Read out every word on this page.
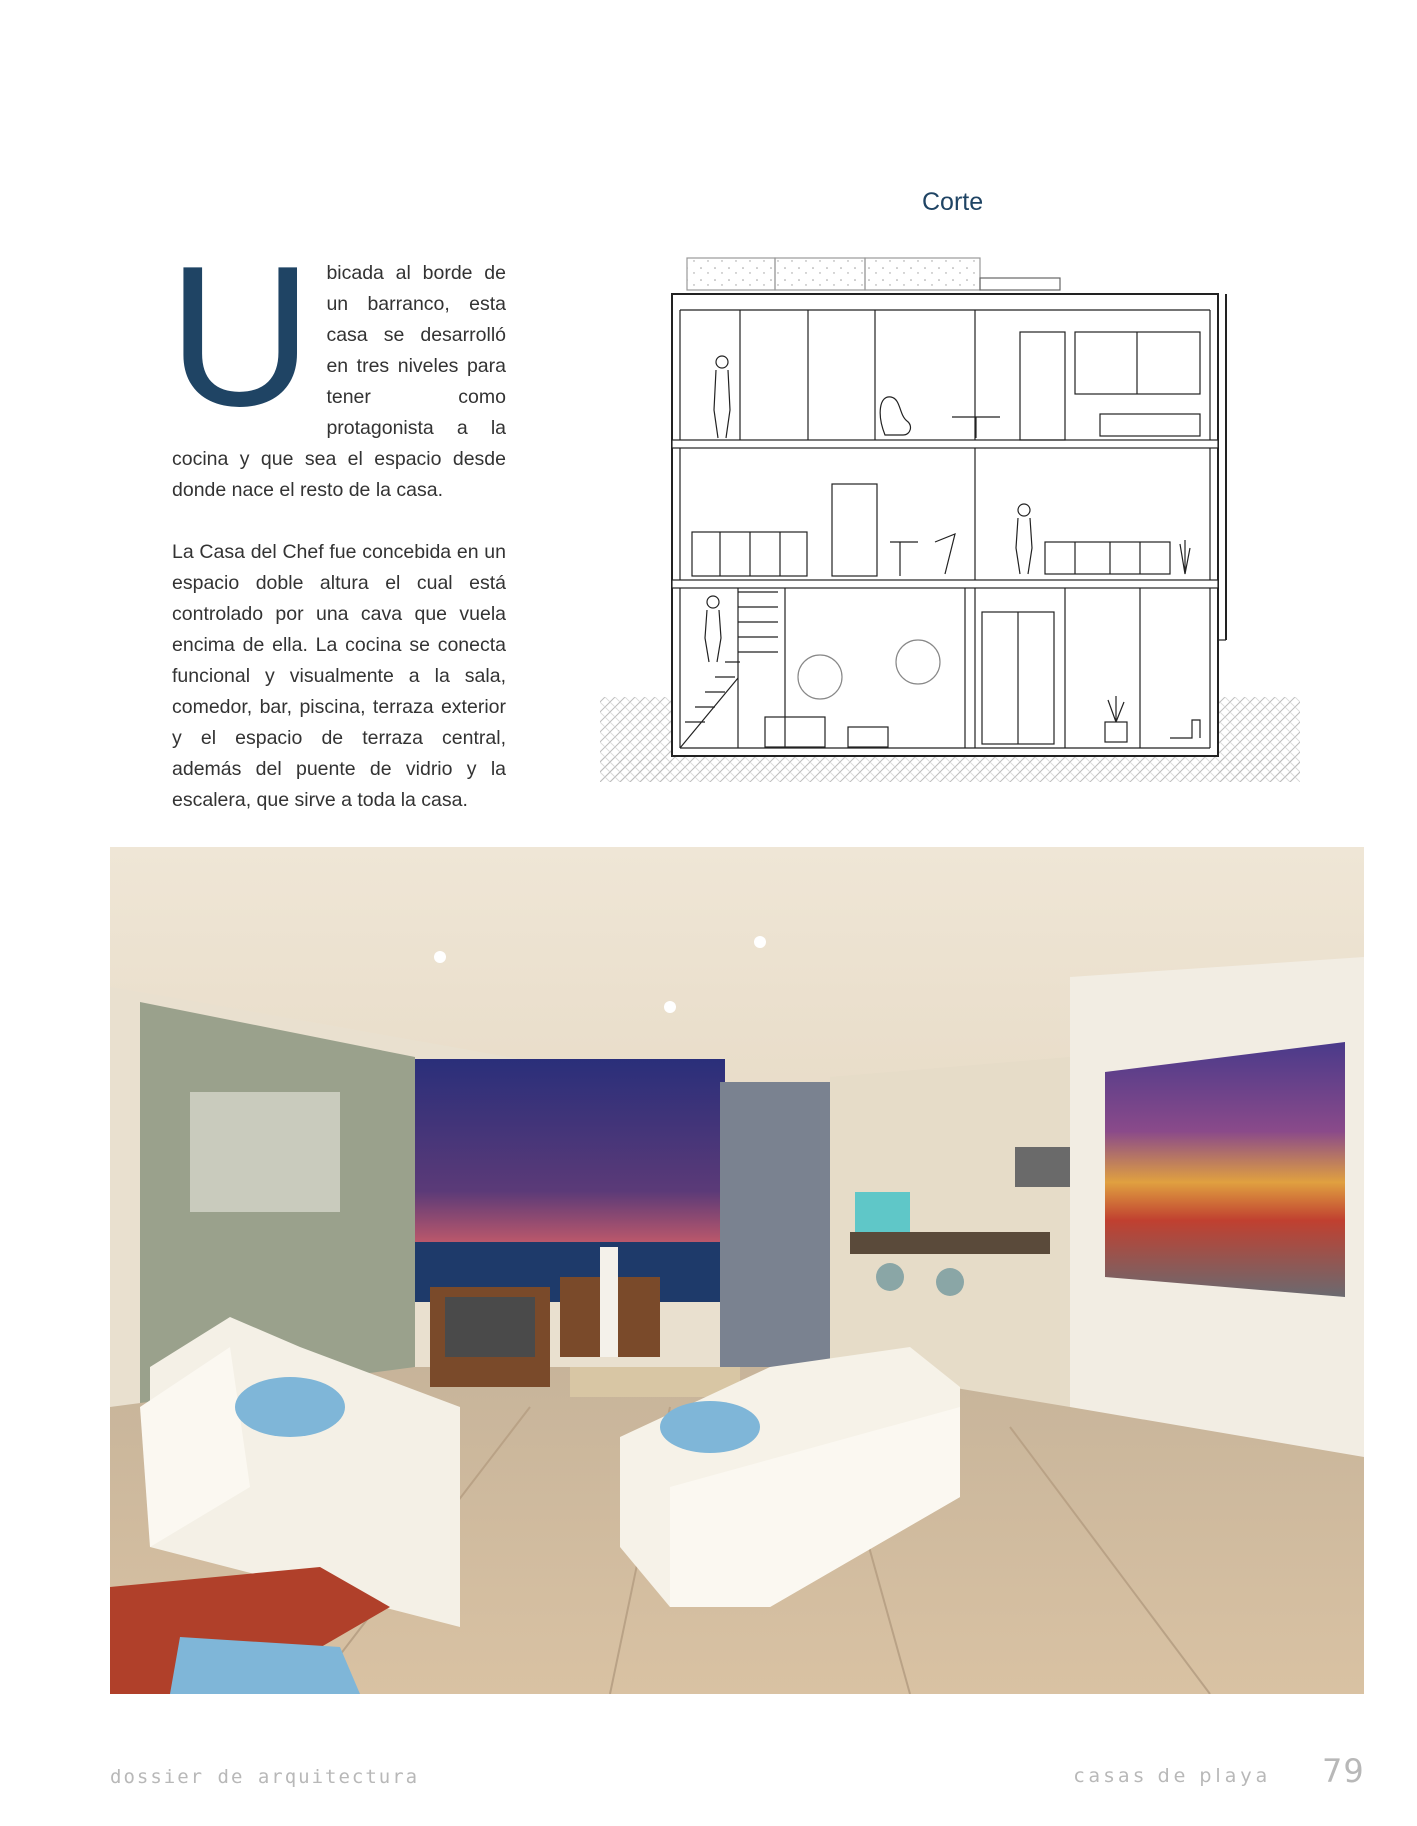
Corte
U bicada al borde de un barranco, esta casa se desarrolló en tres niveles para tener como protagonista a la cocina y que sea el espacio desde donde nace el resto de la casa.

La Casa del Chef fue concebida en un espacio doble altura el cual está controlado por una cava que vuela encima de ella. La cocina se conecta funcional y visualmente a la sala, comedor, bar, piscina, terraza exterior y el espacio de terraza central, además del puente de vidrio y la escalera, que sirve a toda la casa.

dossier de arquitectura	casas de playa 79
